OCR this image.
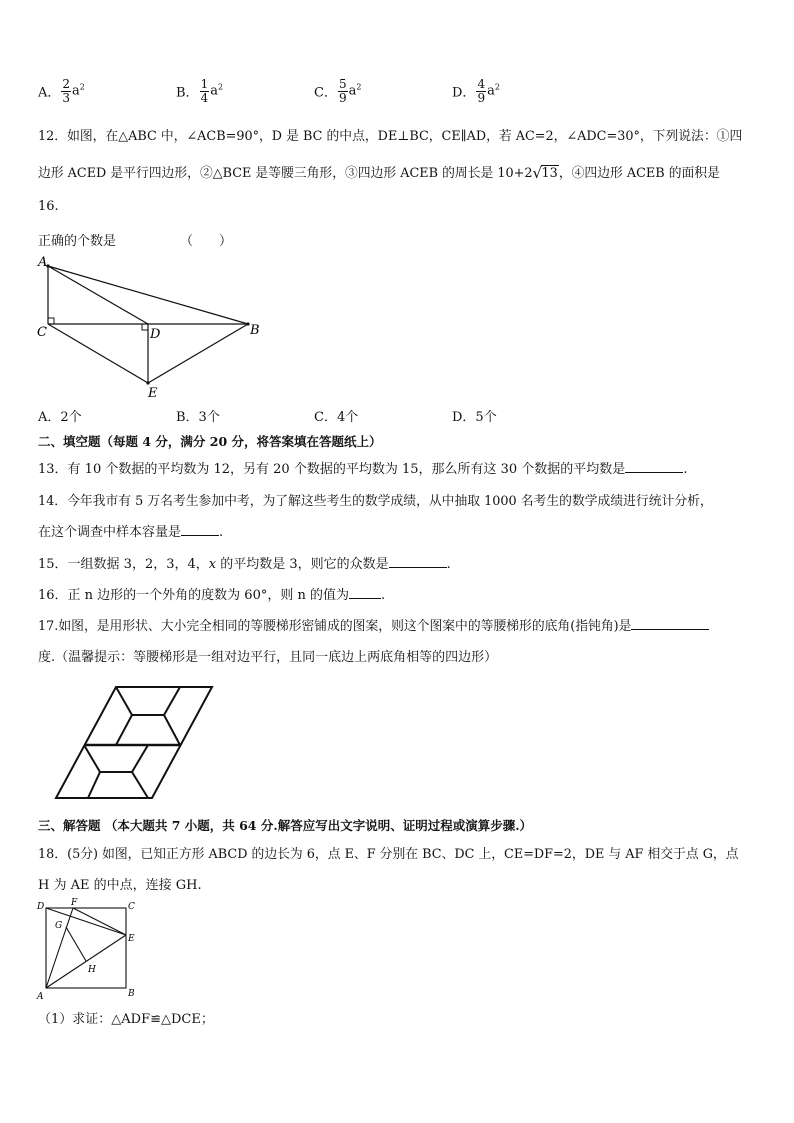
A． $\frac{2}{3} a^2$	B． $\frac{1}{4} a^2$	C． $\frac{5}{9} a^2$	D． $\frac{4}{9} a^2$
12．如图，在△ABC 中，∠ACB=90°，D 是 BC 的中点，DE⊥BC，CE∥AD，若 AC=2，∠ADC=30°，下列说法：①四
边形 ACED 是平行四边形，②△BCE 是等腰三角形，③四边形 ACEB 的周长是 10+2 √ 13，④四边形 ACEB 的面积是
16.
正确的个数是	（　　）
A
C	D	B
E
A．2个	B．3个	C．4个	D．5个
二、填空题（每题 4 分，满分 20 分，将答案填在答题纸上）
13．有 10 个数据的平均数为 12，另有 20 个数据的平均数为 15，那么所有这 30 个数据的平均数是	.
14．今年我市有 5 万名考生参加中考，为了解这些考生的数学成绩，从中抽取 1000 名考生的数学成绩进行统计分析，
在这个调查中样本容量是	.
15．一组数据 3，2，3，4，x 的平均数是 3，则它的众数是	.
16．正 n 边形的一个外角的度数为 60°，则 n 的值为 .
17.如图，是用形状、大小完全相同的等腰梯形密铺成的图案，则这个图案中的等腰梯形的底角(指钝角)是
度.（温馨提示：等腰梯形是一组对边平行，且同一底边上两底角相等的四边形）
三、解答题 （本大题共 7 小题，共 64 分.解答应写出文字说明、证明过程或演算步骤.）
18．(5分) 如图，已知正方形 ABCD 的边长为 6，点 E、F 分别在 BC、DC 上，CE=DF=2，DE 与 AF 相交于点 G，点
H 为 AE 的中点，连接 GH.
D	F	C
G
E
H
A	B
（1）求证：△ADF≌△DCE；
